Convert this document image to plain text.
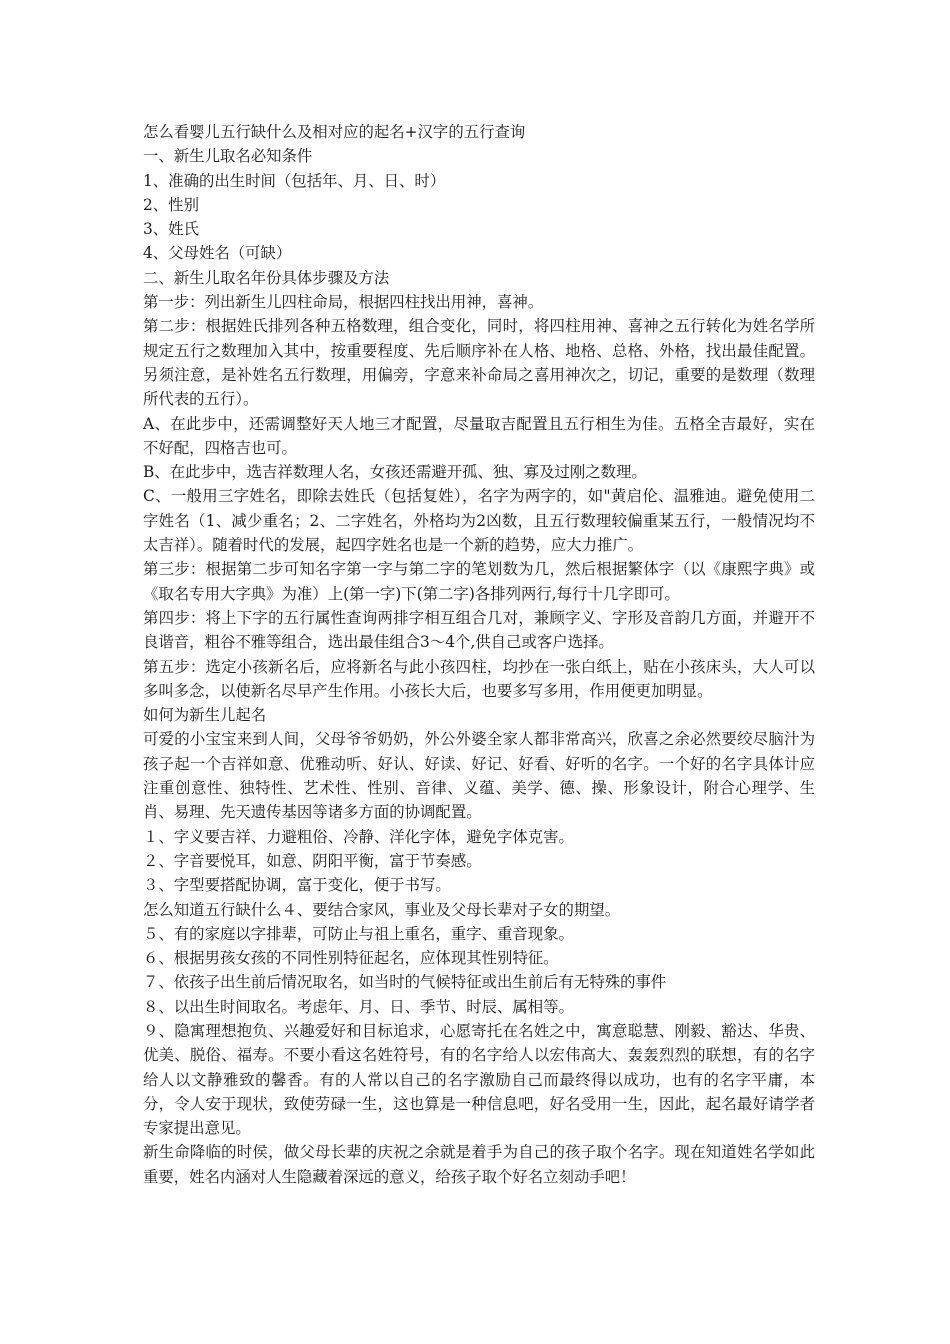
怎么看婴儿五行缺什么及相对应的起名+汉字的五行查询

一、新生儿取名必知条件

1、准确的出生时间（包括年、月、日、时）

2、性别

3、姓氏

4、父母姓名（可缺）

二、新生儿取名年份具体步骤及方法

第一步：列出新生儿四柱命局，根据四柱找出用神，喜神。

第二步：根据姓氏排列各种五格数理，组合变化，同时，将四柱用神、喜神之五行转化为姓名学所规定五行之数理加入其中，按重要程度、先后顺序补在人格、地格、总格、外格，找出最佳配置。另须注意，是补姓名五行数理，用偏旁，字意来补命局之喜用神次之，切记，重要的是数理（数理所代表的五行）。

A、在此步中，还需调整好天人地三才配置，尽量取吉配置且五行相生为佳。五格全吉最好，实在不好配，四格吉也可。

B、在此步中，选吉祥数理人名，女孩还需避开孤、独、寡及过刚之数理。

C、一般用三字姓名，即除去姓氏（包括复姓），名字为两字的，如"黄启伦、温雅迪。避免使用二字姓名（1、减少重名；2、二字姓名，外格均为2凶数，且五行数理较偏重某五行，一般情况均不太吉祥）。随着时代的发展，起四字姓名也是一个新的趋势，应大力推广。

第三步：根据第二步可知名字第一字与第二字的笔划数为几，然后根据繁体字（以《康熙字典》或《取名专用大字典》为准）上(第一字)下(第二字)各排列两行,每行十几字即可。

第四步：将上下字的五行属性查询两排字相互组合几对，兼顾字义、字形及音韵几方面，并避开不良谐音，粗谷不雅等组合，选出最佳组合3～4个,供自己或客户选择。

第五步：选定小孩新名后，应将新名与此小孩四柱，均抄在一张白纸上，贴在小孩床头，大人可以多叫多念，以使新名尽早产生作用。小孩长大后，也要多写多用，作用便更加明显。

如何为新生儿起名

可爱的小宝宝来到人间，父母爷爷奶奶，外公外婆全家人都非常高兴，欣喜之余必然要绞尽脑汁为孩子起一个吉祥如意、优雅动听、好认、好读、好记、好看、好听的名字。一个好的名字具体计应注重创意性、独特性、艺术性、性别、音律、义蕴、美学、德、操、形象设计，附合心理学、生肖、易理、先天遗传基因等诸多方面的协调配置。

１、字义要吉祥、力避粗俗、冷静、洋化字体，避免字体克害。

２、字音要悦耳，如意、阴阳平衡，富于节奏感。

３、字型要搭配协调，富于变化，便于书写。

怎么知道五行缺什么４、要结合家风，事业及父母长辈对子女的期望。

５、有的家庭以字排辈，可防止与祖上重名，重字、重音现象。

６、根据男孩女孩的不同性别特征起名，应体现其性别特征。

７、依孩子出生前后情况取名，如当时的气候特征或出生前后有无特殊的事件

８、以出生时间取名。考虑年、月、日、季节、时辰、属相等。

９、隐寓理想抱负、兴趣爱好和目标追求，心愿寄托在名姓之中，寓意聪慧、刚毅、豁达、华贵、优美、脱俗、福寿。不要小看这名姓符号，有的名字给人以宏伟高大、轰轰烈烈的联想，有的名字给人以文静雅致的馨香。有的人常以自己的名字激励自己而最终得以成功，也有的名字平庸，本分，令人安于现状，致使劳碌一生，这也算是一种信息吧，好名受用一生，因此，起名最好请学者专家提出意见。

新生命降临的时侯，做父母长辈的庆祝之余就是着手为自己的孩子取个名字。现在知道姓名学如此重要，姓名内涵对人生隐藏着深远的意义，给孩子取个好名立刻动手吧！
